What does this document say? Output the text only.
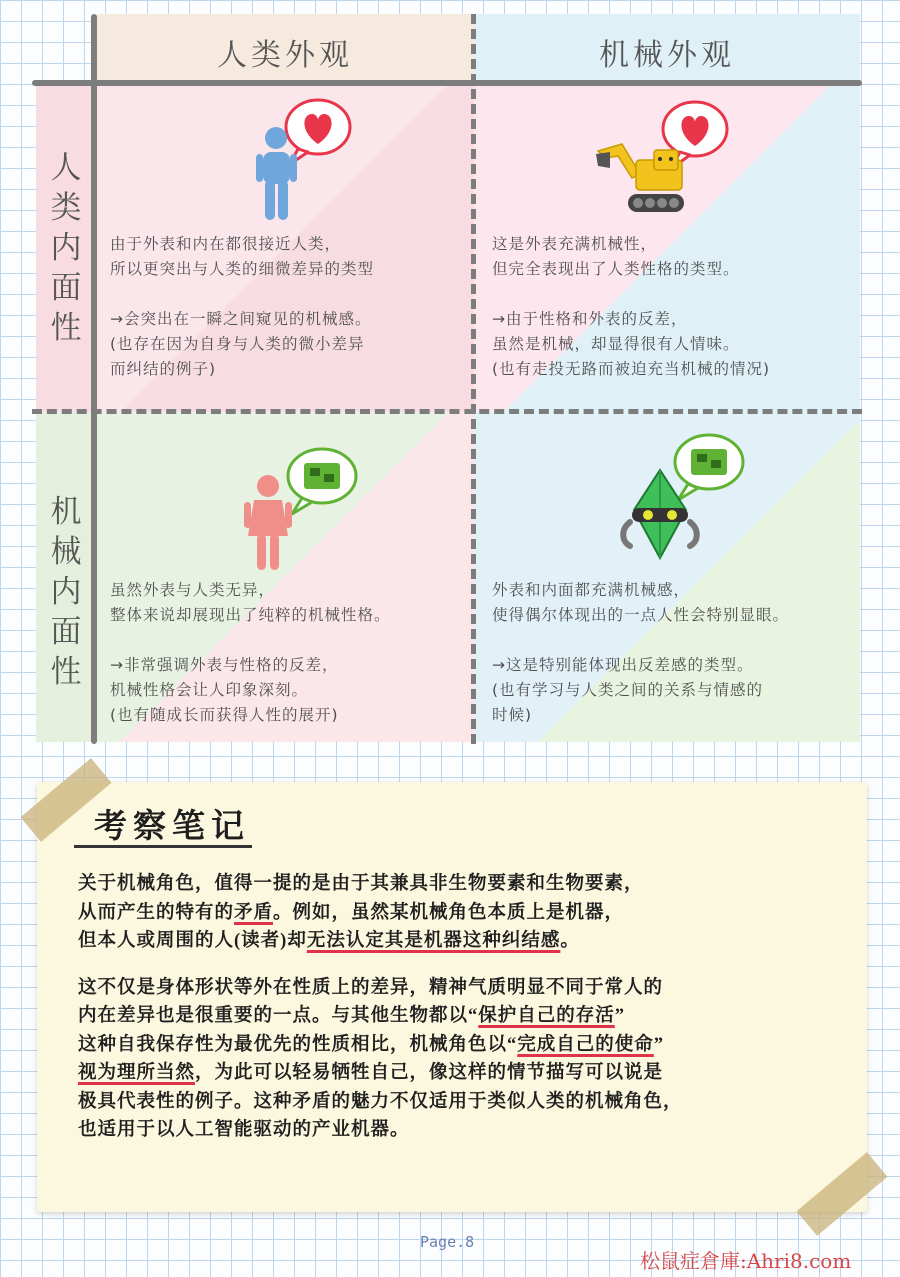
人类外观	机械外观
人
类
内
面
性
机
械
内
面
性

由于外表和内在都很接近人类，

所以更突出与人类的细微差异的类型

→会突出在一瞬之间窥见的机械感。

(也存在因为自身与人类的微小差异

而纠结的例子)

这是外表充满机械性，

但完全表现出了人类性格的类型。

→由于性格和外表的反差，

虽然是机械，却显得很有人情味。

(也有走投无路而被迫充当机械的情况)

虽然外表与人类无异，

整体来说却展现出了纯粹的机械性格。

→非常强调外表与性格的反差，

机械性格会让人印象深刻。

(也有随成长而获得人性的展开)

外表和内面都充满机械感，

使得偶尔体现出的一点人性会特别显眼。

→这是特别能体现出反差感的类型。

(也有学习与人类之间的关系与情感的

时候)

考察笔记

关于机械角色，值得一提的是由于其兼具非生物要素和生物要素，

从而产生的特有的矛盾。例如，虽然某机械角色本质上是机器，

但本人或周围的人(读者)却无法认定其是机器这种纠结感。

这不仅是身体形状等外在性质上的差异，精神气质明显不同于常人的

内在差异也是很重要的一点。与其他生物都以“保护自己的存活”

这种自我保存性为最优先的性质相比，机械角色以“完成自己的使命”

视为理所当然，为此可以轻易牺牲自己，像这样的情节描写可以说是

极具代表性的例子。这种矛盾的魅力不仅适用于类似人类的机械角色，

也适用于以人工智能驱动的产业机器。

Page.8
松鼠症倉庫:Ahri8.com
